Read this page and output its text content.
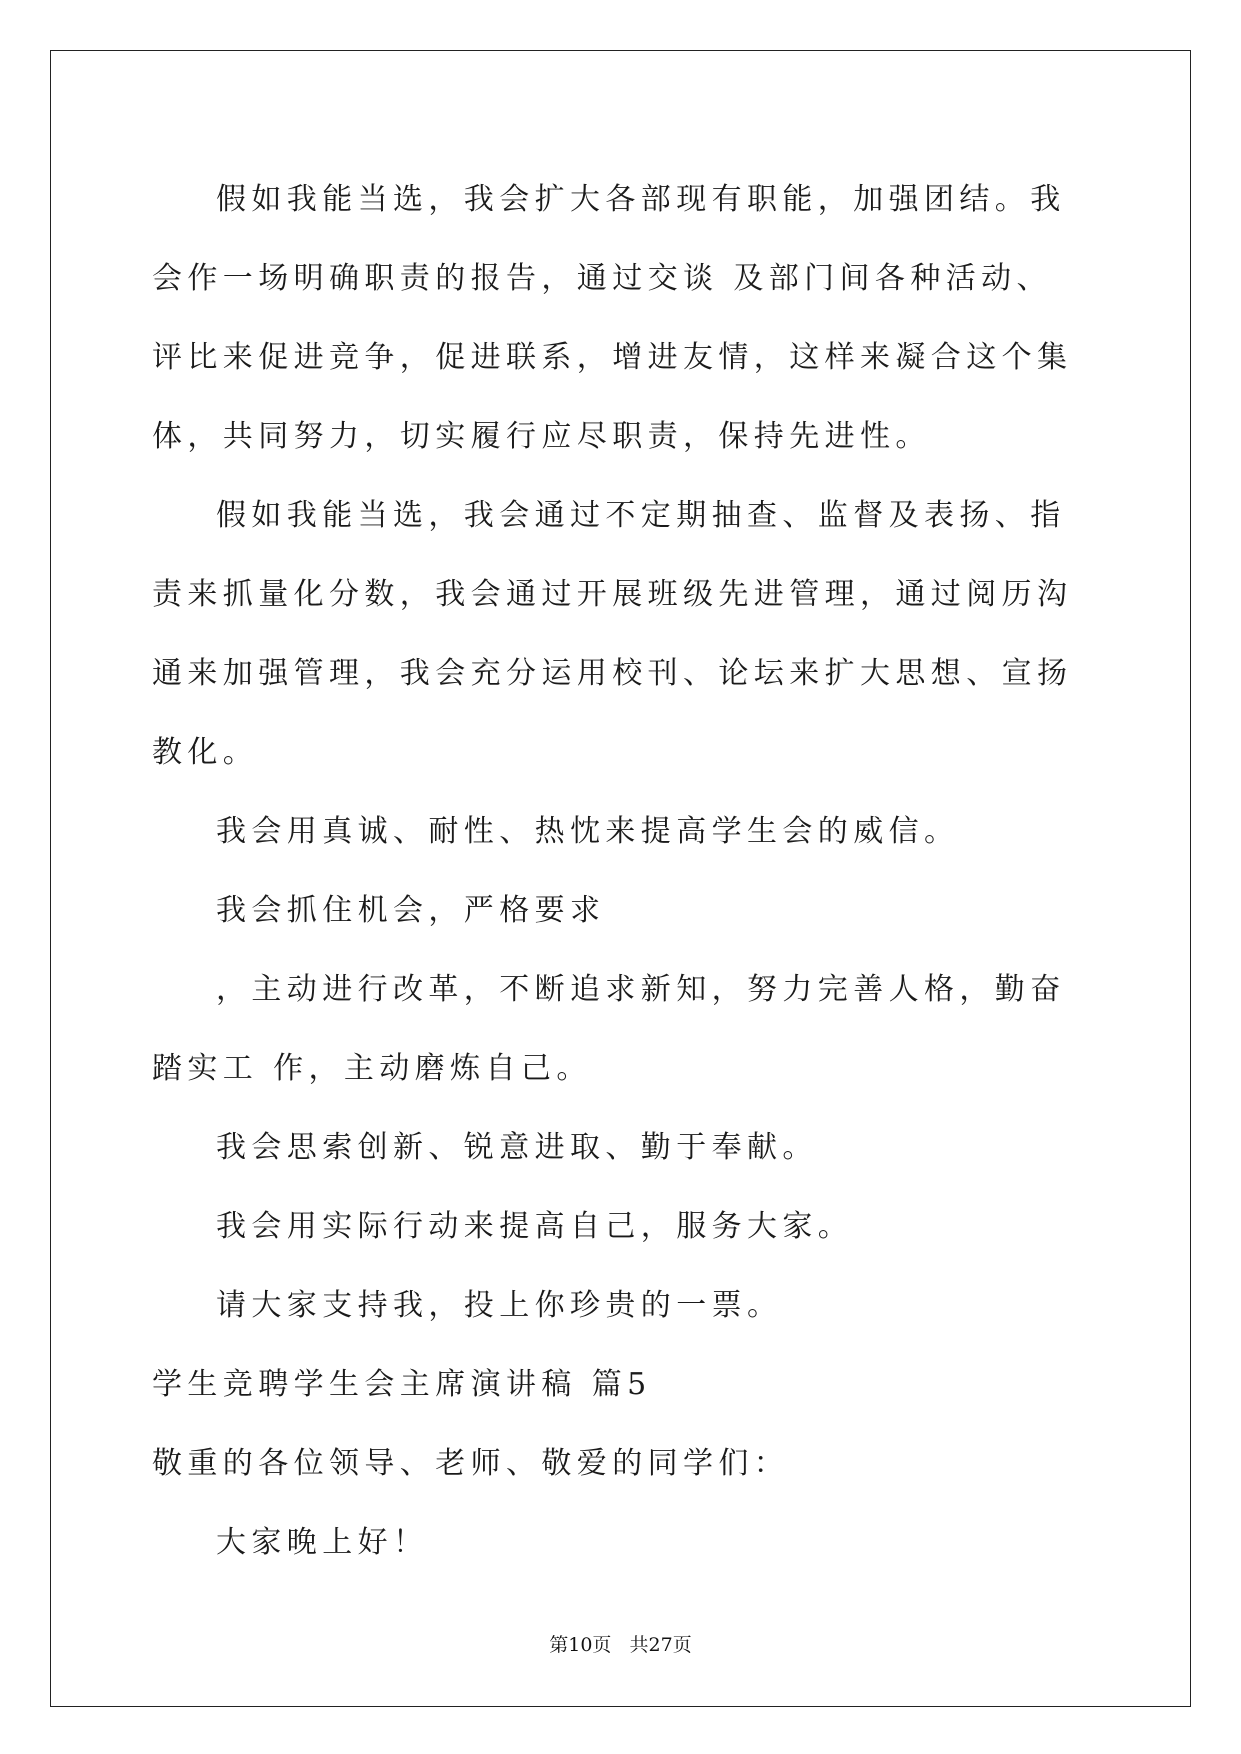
假如我能当选，我会扩大各部现有职能，加强团结。我会作一场明确职责的报告，通过交谈 及部门间各种活动、评比来促进竞争，促进联系，增进友情，这样来凝合这个集体，共同努力，切实履行应尽职责，保持先进性。

假如我能当选，我会通过不定期抽查、监督及表扬、指责来抓量化分数，我会通过开展班级先进管理，通过阅历沟通来加强管理，我会充分运用校刊、论坛来扩大思想、宣扬教化。

我会用真诚、耐性、热忱来提高学生会的威信。

我会抓住机会，严格要求

，主动进行改革，不断追求新知，努力完善人格，勤奋踏实工 作，主动磨炼自己。

我会思索创新、锐意进取、勤于奉献。

我会用实际行动来提高自己，服务大家。

请大家支持我，投上你珍贵的一票。

学生竞聘学生会主席演讲稿 篇5

敬重的各位领导、老师、敬爱的同学们：

大家晚上好！

第10页   共27页
